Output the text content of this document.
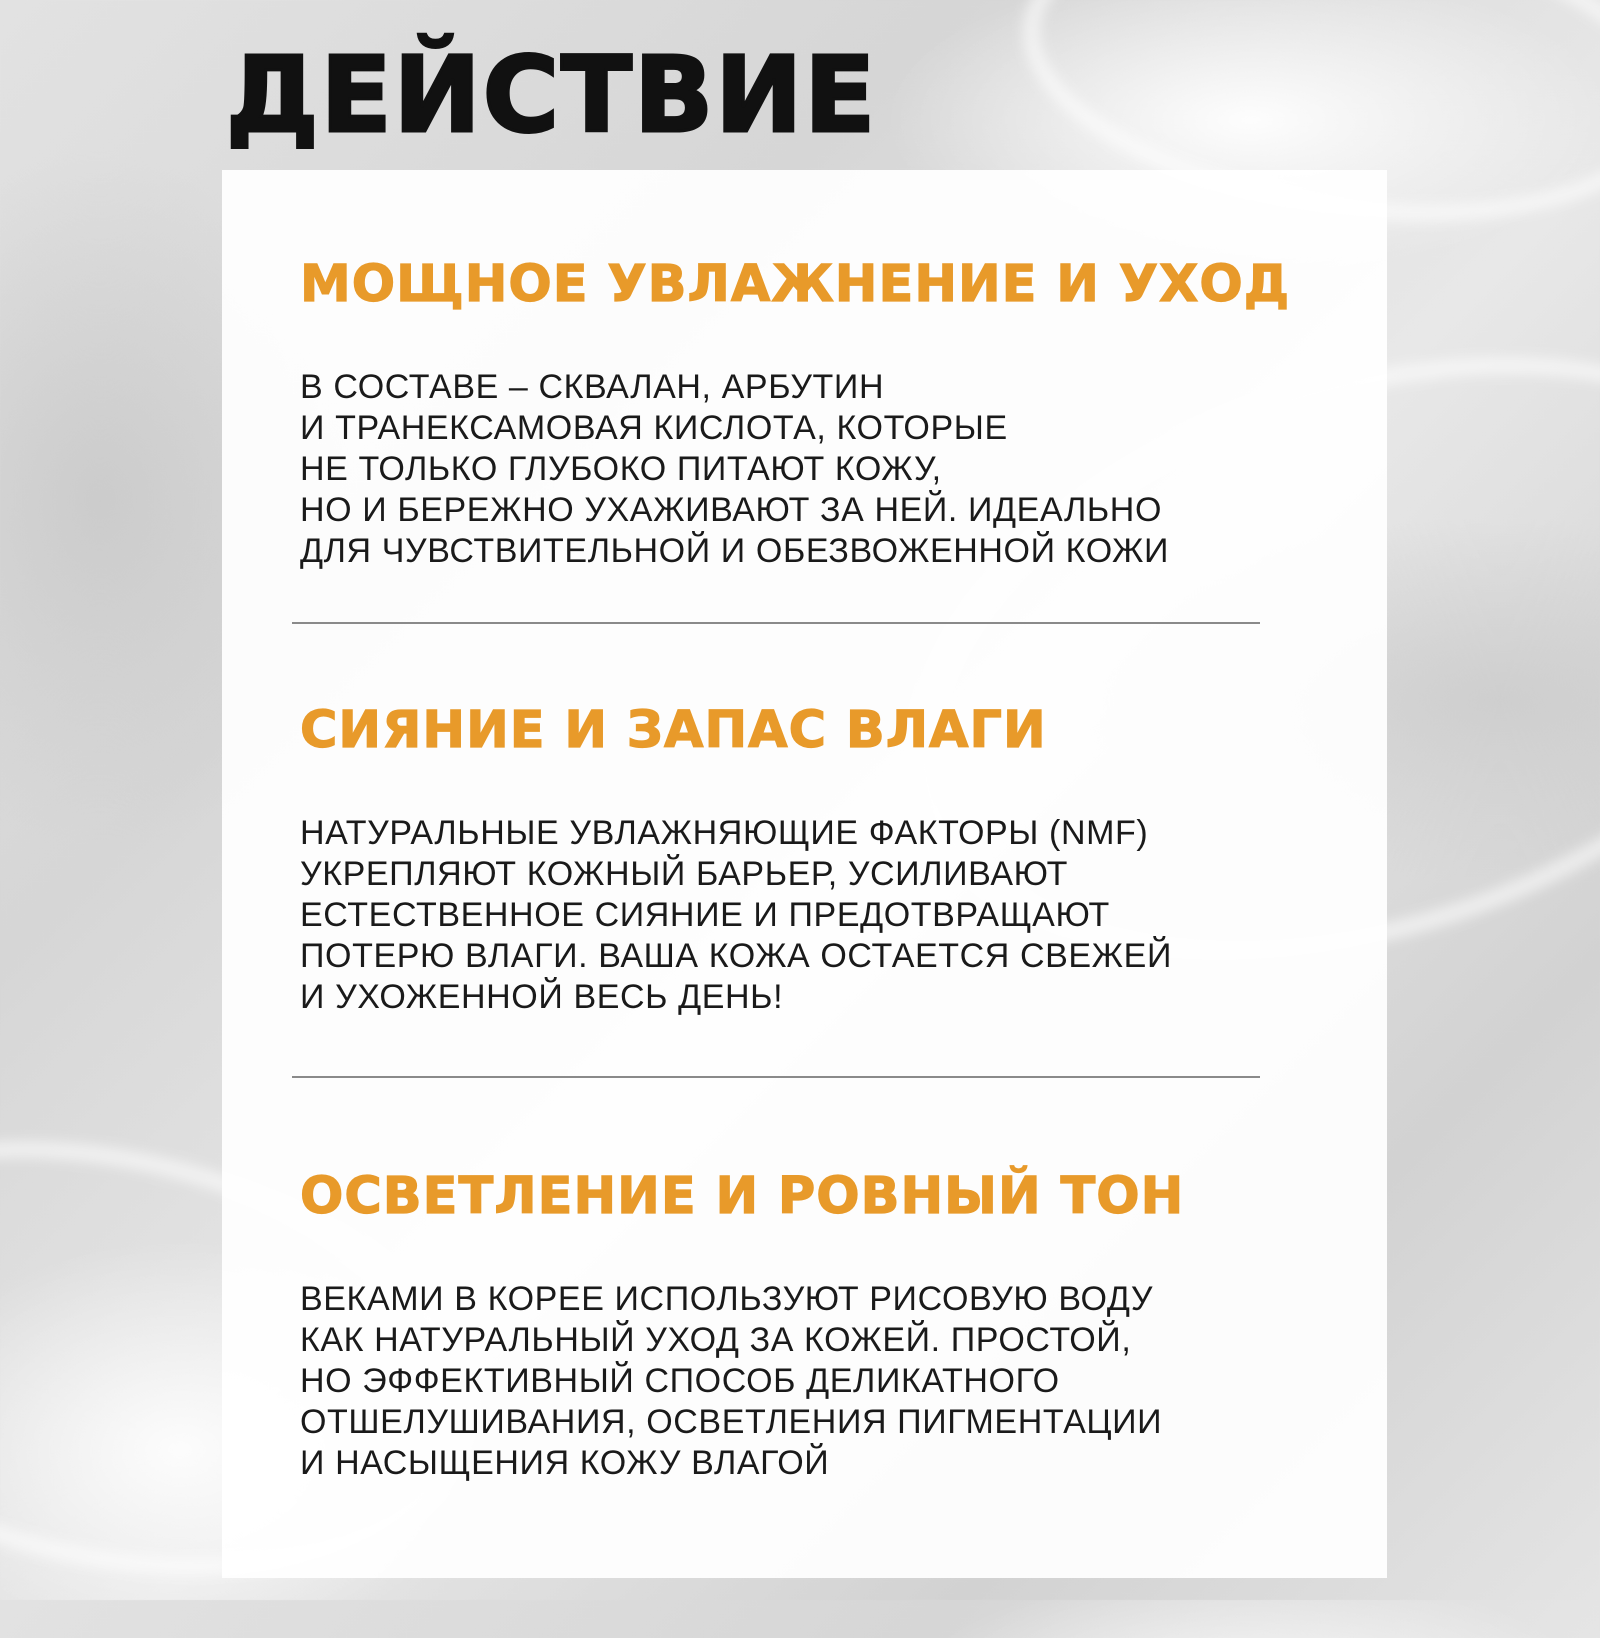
ДЕЙСТВИЕ
МОЩНОЕ УВЛАЖНЕНИЕ И УХОД
В СОСТАВЕ – СКВАЛАН, АРБУТИН
И ТРАНЕКСАМОВАЯ КИСЛОТА, КОТОРЫЕ
НЕ ТОЛЬКО ГЛУБОКО ПИТАЮТ КОЖУ,
НО И БЕРЕЖНО УХАЖИВАЮТ ЗА НЕЙ. ИДЕАЛЬНО
ДЛЯ ЧУВСТВИТЕЛЬНОЙ И ОБЕЗВОЖЕННОЙ КОЖИ
СИЯНИЕ И ЗАПАС ВЛАГИ
НАТУРАЛЬНЫЕ УВЛАЖНЯЮЩИЕ ФАКТОРЫ (NMF)
УКРЕПЛЯЮТ КОЖНЫЙ БАРЬЕР, УСИЛИВАЮТ
ЕСТЕСТВЕННОЕ СИЯНИЕ И ПРЕДОТВРАЩАЮТ
ПОТЕРЮ ВЛАГИ. ВАША КОЖА ОСТАЕТСЯ СВЕЖЕЙ
И УХОЖЕННОЙ ВЕСЬ ДЕНЬ!
ОСВЕТЛЕНИЕ И РОВНЫЙ ТОН
ВЕКАМИ В КОРЕЕ ИСПОЛЬЗУЮТ РИСОВУЮ ВОДУ
КАК НАТУРАЛЬНЫЙ УХОД ЗА КОЖЕЙ. ПРОСТОЙ,
НО ЭФФЕКТИВНЫЙ СПОСОБ ДЕЛИКАТНОГО
ОТШЕЛУШИВАНИЯ, ОСВЕТЛЕНИЯ ПИГМЕНТАЦИИ
И НАСЫЩЕНИЯ КОЖУ ВЛАГОЙ
